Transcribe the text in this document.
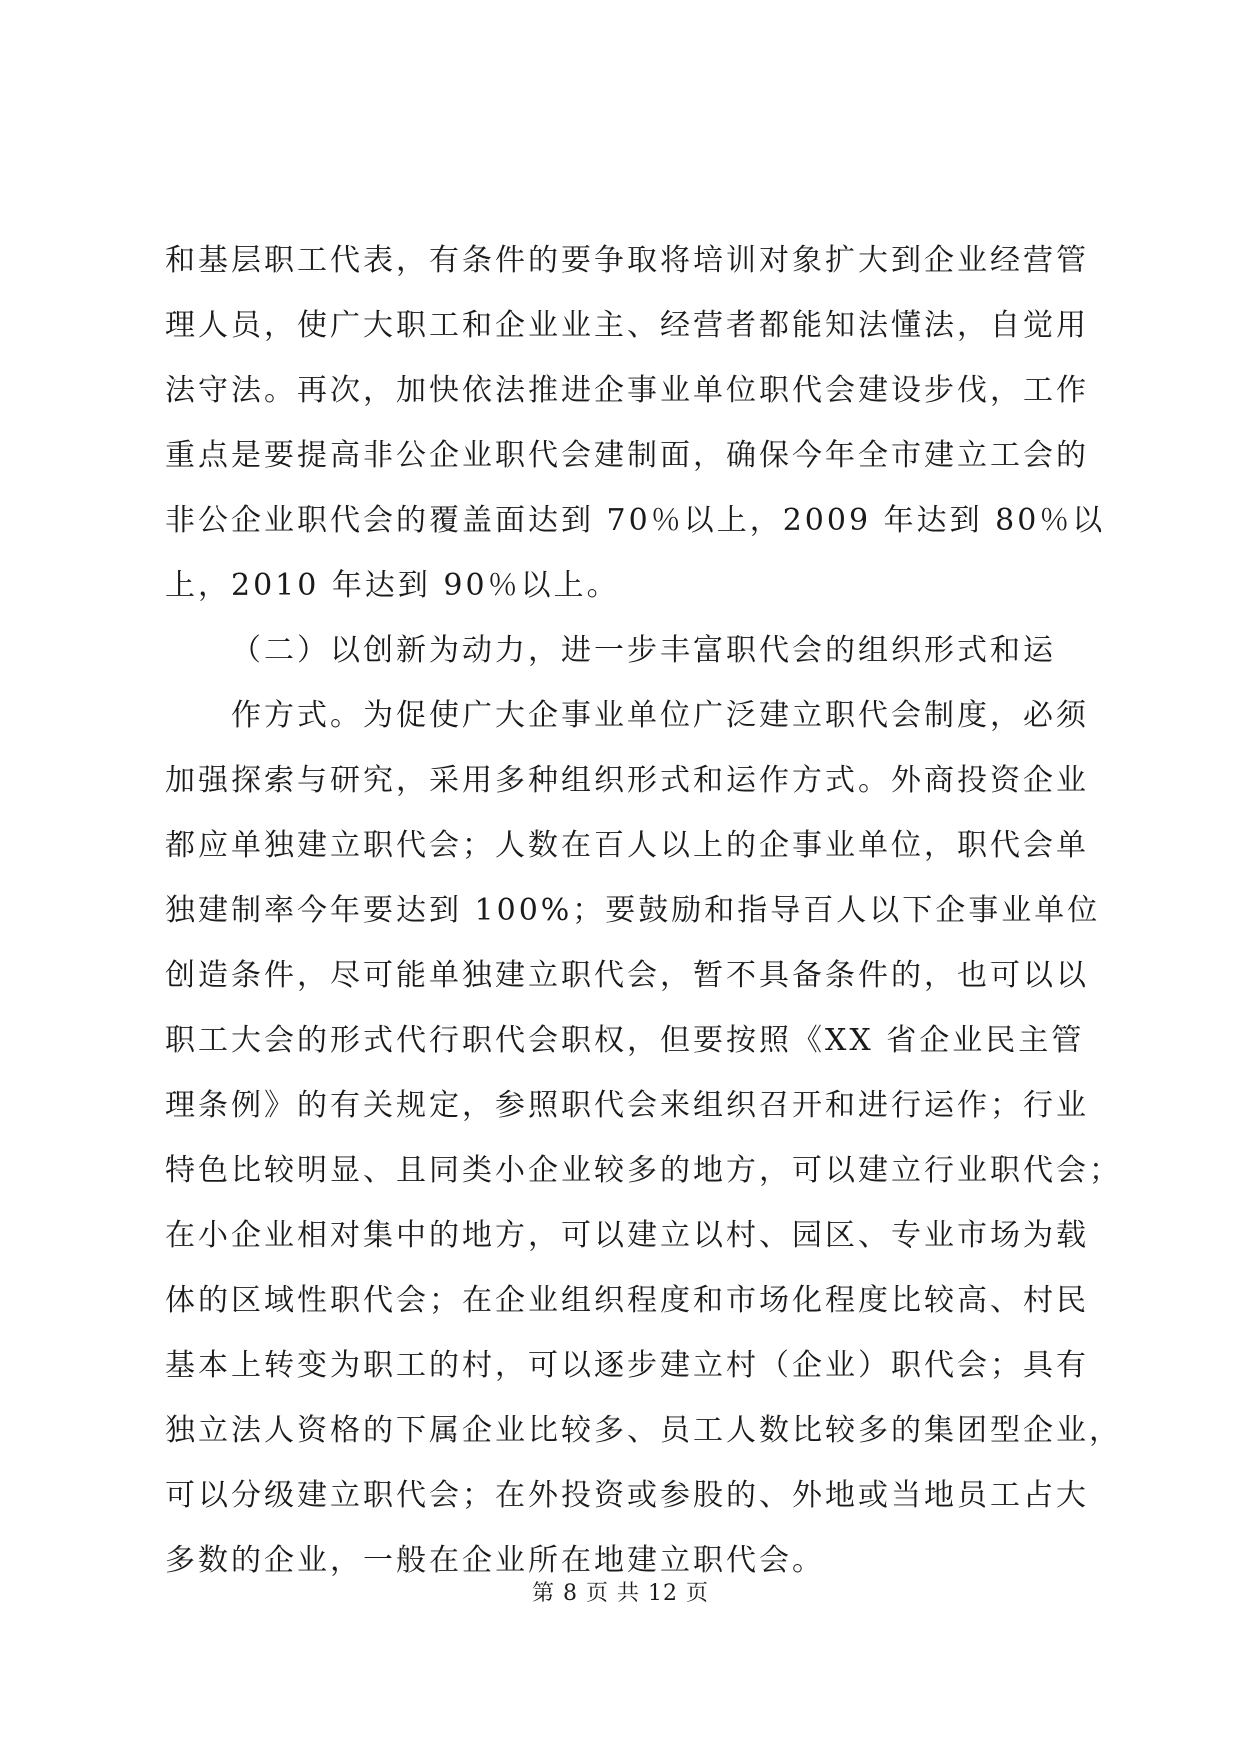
和基层职工代表，有条件的要争取将培训对象扩大到企业经营管
理人员，使广大职工和企业业主、经营者都能知法懂法，自觉用
法守法。再次，加快依法推进企事业单位职代会建设步伐，工作
重点是要提高非公企业职代会建制面，确保今年全市建立工会的
非公企业职代会的覆盖面达到 70％以上，2009 年达到 80％以
上，2010 年达到 90％以上。
（二）以创新为动力，进一步丰富职代会的组织形式和运
作方式。为促使广大企事业单位广泛建立职代会制度，必须
加强探索与研究，采用多种组织形式和运作方式。外商投资企业
都应单独建立职代会；人数在百人以上的企事业单位，职代会单
独建制率今年要达到 100%；要鼓励和指导百人以下企事业单位
创造条件，尽可能单独建立职代会，暂不具备条件的，也可以以
职工大会的形式代行职代会职权，但要按照《XX 省企业民主管
理条例》的有关规定，参照职代会来组织召开和进行运作；行业
特色比较明显、且同类小企业较多的地方，可以建立行业职代会；
在小企业相对集中的地方，可以建立以村、园区、专业市场为载
体的区域性职代会；在企业组织程度和市场化程度比较高、村民
基本上转变为职工的村，可以逐步建立村（企业）职代会；具有
独立法人资格的下属企业比较多、员工人数比较多的集团型企业，
可以分级建立职代会；在外投资或参股的、外地或当地员工占大
多数的企业，一般在企业所在地建立职代会。
第 8 页 共 12 页
